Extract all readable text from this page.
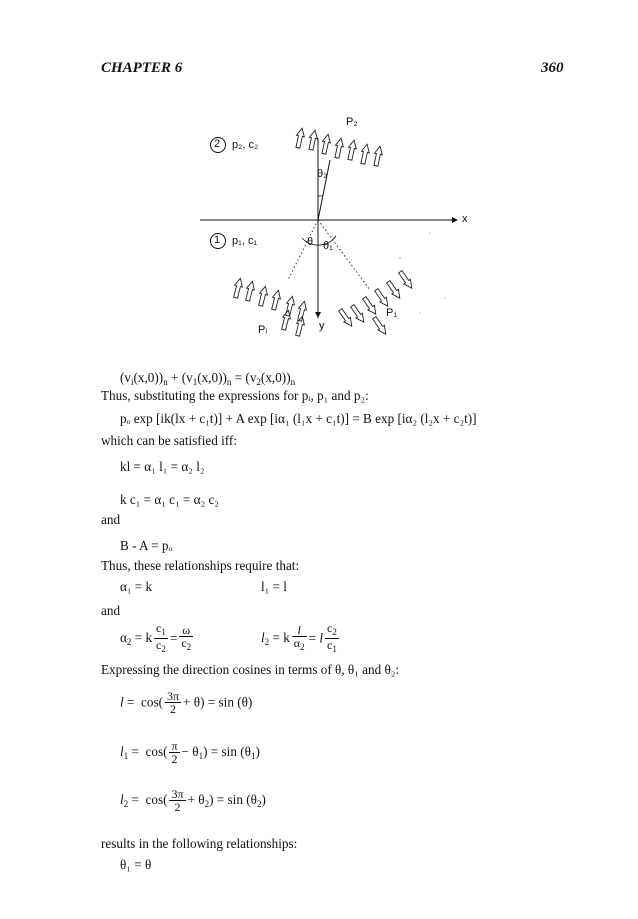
CHAPTER 6	360
2 p₂, c₂
1 p₁, c₁
P₂
θ₂
x
θ θ₁
Pᵢ	y
P₁
$(v_i(x,0))_n + (v_1(x,0))_n = (v_2(x,0))_n$
Thus, substituting the expressions for pᵢ, p₁ and p₂:
pₒ exp [ik(lx + c₁t)] + A exp [iα₁ (l₁x + c₁t)] = B exp [iα₂ (l₂x + c₂t)]
which can be satisfied iff:
kl = α₁ l₁ = α₂ l₂
k c₁ = α₁ c₁ = α₂ c₂
and
B - A = pₒ
Thus, these relationships require that:
α₁ = k	l₁ = l
and
$\alpha_2 = k \frac{c_1}{c_2} = \frac{\omega}{c_2}$	$l_2 = k \frac{l}{\alpha_2} = l \frac{c_2}{c_1}$
Expressing the direction cosines in terms of θ, θ₁ and θ₂:
$l = \cos( \frac{3\pi}{2} + \theta) = \sin (\theta)$
$l_1 = \cos( \frac{\pi}{2} - \theta_1) = \sin (\theta_1)$
$l_2 = \cos( \frac{3\pi}{2} + \theta_2) = \sin (\theta_2)$
results in the following relationships:
θ₁ = θ
